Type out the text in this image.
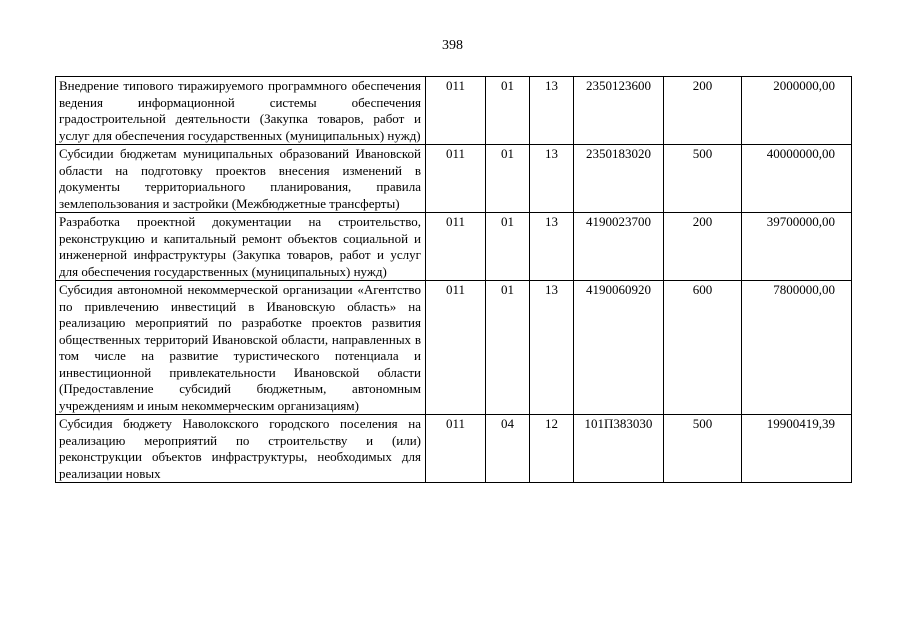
398
Внедрение типового тиражируемого программного обеспечения ведения информационной системы обеспечения градостроительной деятельности (Закупка товаров, работ и услуг для обеспечения государственных (муниципальных) нужд)	011	01	13	2350123600	200	2000000,00
Субсидии бюджетам муниципальных образований Ивановской области на подготовку проектов внесения изменений в документы территориального планирования, правила землепользования и застройки (Межбюджетные трансферты)	011	01	13	2350183020	500	40000000,00
Разработка проектной документации на строительство, реконструкцию и капитальный ремонт объектов социальной и инженерной инфраструктуры (Закупка товаров, работ и услуг для обеспечения государственных (муниципальных) нужд)	011	01	13	4190023700	200	39700000,00
Субсидия автономной некоммерческой организации «Агентство по привлечению инвестиций в Ивановскую область» на реализацию мероприятий по разработке проектов развития общественных территорий Ивановской области, направленных в том числе на развитие туристического потенциала и инвестиционной привлекательности Ивановской области (Предоставление субсидий бюджетным, автономным учреждениям и иным некоммерческим организациям)	011	01	13	4190060920	600	7800000,00
Субсидия бюджету Наволокского городского поселения на реализацию мероприятий по строительству и (или) реконструкции объектов инфраструктуры, необходимых для реализации новых	011	04	12	101П383030	500	19900419,39
